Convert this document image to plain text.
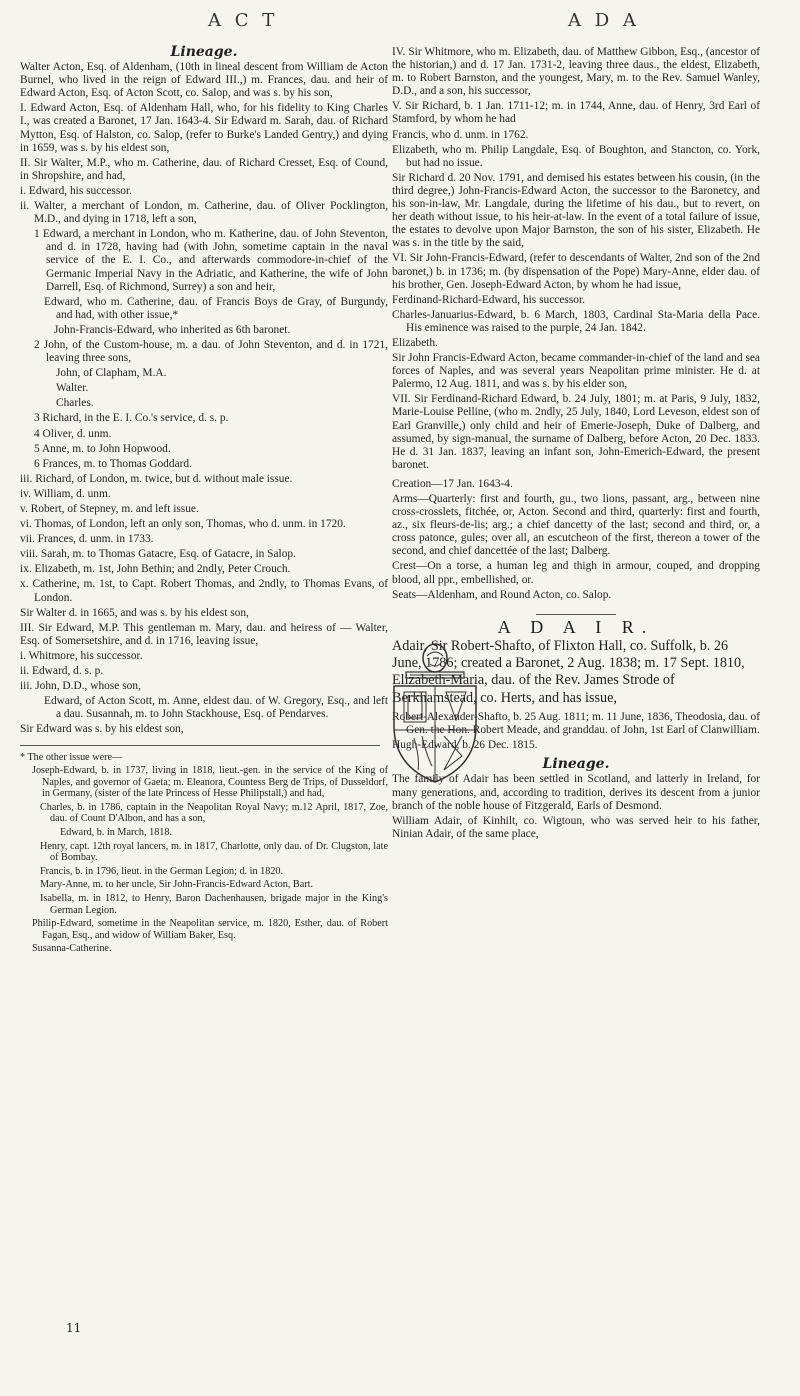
A C T	A D A

Lineage.

Walter Acton, Esq. of Aldenham, (10th in lineal descent from William de Acton Burnel, who lived in the reign of Edward III.,) m. Frances, dau. and heir of Edward Acton, Esq. of Acton Scott, co. Salop, and was s. by his son,

I. Edward Acton, Esq. of Aldenham Hall, who, for his fidelity to King Charles I., was created a Baronet, 17 Jan. 1643-4. Sir Edward m. Sarah, dau. of Richard Mytton, Esq. of Halston, co. Salop, (refer to Burke's Landed Gentry,) and dying in 1659, was s. by his eldest son,

II. Sir Walter, M.P., who m. Catherine, dau. of Richard Cresset, Esq. of Cound, in Shropshire, and had,

i. Edward, his successor.

ii. Walter, a merchant of London, m. Catherine, dau. of Oliver Pocklington, M.D., and dying in 1718, left a son,

1 Edward, a merchant in London, who m. Katherine, dau. of John Steventon, and d. in 1728, having had (with John, sometime captain in the naval service of the E. I. Co., and afterwards commodore-in-chief of the Germanic Imperial Navy in the Adriatic, and Katherine, the wife of John Darrell, Esq. of Richmond, Surrey) a son and heir,

Edward, who m. Catherine, dau. of Francis Boys de Gray, of Burgundy, and had, with other issue,*

John-Francis-Edward, who inherited as 6th baronet.

2 John, of the Custom-house, m. a dau. of John Steventon, and d. in 1721, leaving three sons,

John, of Clapham, M.A.

Walter.

Charles.

3 Richard, in the E. I. Co.'s service, d. s. p.

4 Oliver, d. unm.

5 Anne, m. to John Hopwood.

6 Frances, m. to Thomas Goddard.

iii. Richard, of London, m. twice, but d. without male issue.

iv. William, d. unm.

v. Robert, of Stepney, m. and left issue.

vi. Thomas, of London, left an only son, Thomas, who d. unm. in 1720.

vii. Frances, d. unm. in 1733.

viii. Sarah, m. to Thomas Gatacre, Esq. of Gatacre, in Salop.

ix. Elizabeth, m. 1st, John Bethin; and 2ndly, Peter Crouch.

x. Catherine, m. 1st, to Capt. Robert Thomas, and 2ndly, to Thomas Evans, of London.

Sir Walter d. in 1665, and was s. by his eldest son,

III. Sir Edward, M.P. This gentleman m. Mary, dau. and heiress of — Walter, Esq. of Somersetshire, and d. in 1716, leaving issue,

i. Whitmore, his successor.

ii. Edward, d. s. p.

iii. John, D.D., whose son,

Edward, of Acton Scott, m. Anne, eldest dau. of W. Gregory, Esq., and left a dau. Susannah, m. to John Stackhouse, Esq. of Pendarves.

Sir Edward was s. by his eldest son,

* The other issue were—

Joseph-Edward, b. in 1737, living in 1818, lieut.-gen. in the service of the King of Naples, and governor of Gaeta; m. Eleanora, Countess Berg de Trips, of Dusseldorf, in Germany, (sister of the late Princess of Hesse Philipstall,) and had,

Charles, b. in 1786, captain in the Neapolitan Royal Navy; m.12 April, 1817, Zoe, dau. of Count D'Albon, and has a son,

Edward, b. in March, 1818.

Henry, capt. 12th royal lancers, m. in 1817, Charlotte, only dau. of Dr. Clugston, late of Bombay.

Francis, b. in 1796, lieut. in the German Legion; d. in 1820.

Mary-Anne, m. to her uncle, Sir John-Francis-Edward Acton, Bart.

Isabella, m. in 1812, to Henry, Baron Dachenhausen, brigade major in the King's German Legion.

Philip-Edward, sometime in the Neapolitan service, m. 1820, Esther, dau. of Robert Fagan, Esq., and widow of William Baker, Esq.

Susanna-Catherine.

11

IV. Sir Whitmore, who m. Elizabeth, dau. of Matthew Gibbon, Esq., (ancestor of the historian,) and d. 17 Jan. 1731-2, leaving three daus., the eldest, Elizabeth, m. to Robert Barnston, and the youngest, Mary, m. to the Rev. Samuel Wanley, D.D., and a son, his successor,

V. Sir Richard, b. 1 Jan. 1711-12; m. in 1744, Anne, dau. of Henry, 3rd Earl of Stamford, by whom he had

Francis, who d. unm. in 1762.

Elizabeth, who m. Philip Langdale, Esq. of Boughton, and Stancton, co. York, but had no issue.

Sir Richard d. 20 Nov. 1791, and demised his estates between his cousin, (in the third degree,) John-Francis-Edward Acton, the successor to the Baronetcy, and his son-in-law, Mr. Langdale, during the lifetime of his dau., but to revert, on her death without issue, to his heir-at-law. In the event of a total failure of issue, the estates to devolve upon Major Barnston, the son of his sister, Elizabeth. He was s. in the title by the said,

VI. Sir John-Francis-Edward, (refer to descendants of Walter, 2nd son of the 2nd baronet,) b. in 1736; m. (by dispensation of the Pope) Mary-Anne, elder dau. of his brother, Gen. Joseph-Edward Acton, by whom he had issue,

Ferdinand-Richard-Edward, his successor.

Charles-Januarius-Edward, b. 6 March, 1803, Cardinal Sta-Maria della Pace. His eminence was raised to the purple, 24 Jan. 1842.

Elizabeth.

Sir John Francis-Edward Acton, became commander-in-chief of the land and sea forces of Naples, and was several years Neapolitan prime minister. He d. at Palermo, 12 Aug. 1811, and was s. by his elder son,

VII. Sir Ferdinand-Richard Edward, b. 24 July, 1801; m. at Paris, 9 July, 1832, Marie-Louise Pelline, (who m. 2ndly, 25 July, 1840, Lord Leveson, eldest son of Earl Granville,) only child and heir of Emerie-Joseph, Duke of Dalberg, and assumed, by sign-manual, the surname of Dalberg, before Acton, 20 Dec. 1833. He d. 31 Jan. 1837, leaving an infant son, John-Emerich-Edward, the present baronet.

Creation—17 Jan. 1643-4.

Arms—Quarterly: first and fourth, gu., two lions, passant, arg., between nine cross-crosslets, fitchée, or, Acton. Second and third, quarterly: first and fourth, az., six fleurs-de-lis; arg.; a chief dancetty of the last; second and third, or, a cross patonce, gules; over all, an escutcheon of the first, thereon a tower of the second, and chief dancettée of the last; Dalberg.

Crest—On a torse, a human leg and thigh in armour, couped, and dropping blood, all ppr., embellished, or.

Seats—Aldenham, and Round Acton, co. Salop.

A D A I R.

Adair, Sir Robert-Shafto, of Flixton Hall, co. Suffolk, b. 26 June, 1786; created a Baronet, 2 Aug. 1838; m. 17 Sept. 1810, Elizabeth-Maria, dau. of the Rev. James Strode of Berkhamstead, co. Herts, and has issue,

Robert-Alexander-Shafto, b. 25 Aug. 1811; m. 11 June, 1836, Theodosia, dau. of Gen. the Hon. Robert Meade, and granddau. of John, 1st Earl of Clanwilliam.

Hugh-Edward, b. 26 Dec. 1815.

Lineage.

The family of Adair has been settled in Scotland, and latterly in Ireland, for many generations, and, according to tradition, derives its descent from a junior branch of the noble house of Fitzgerald, Earls of Desmond.

William Adair, of Kinhilt, co. Wigtoun, who was served heir to his father, Ninian Adair, of the same place,
